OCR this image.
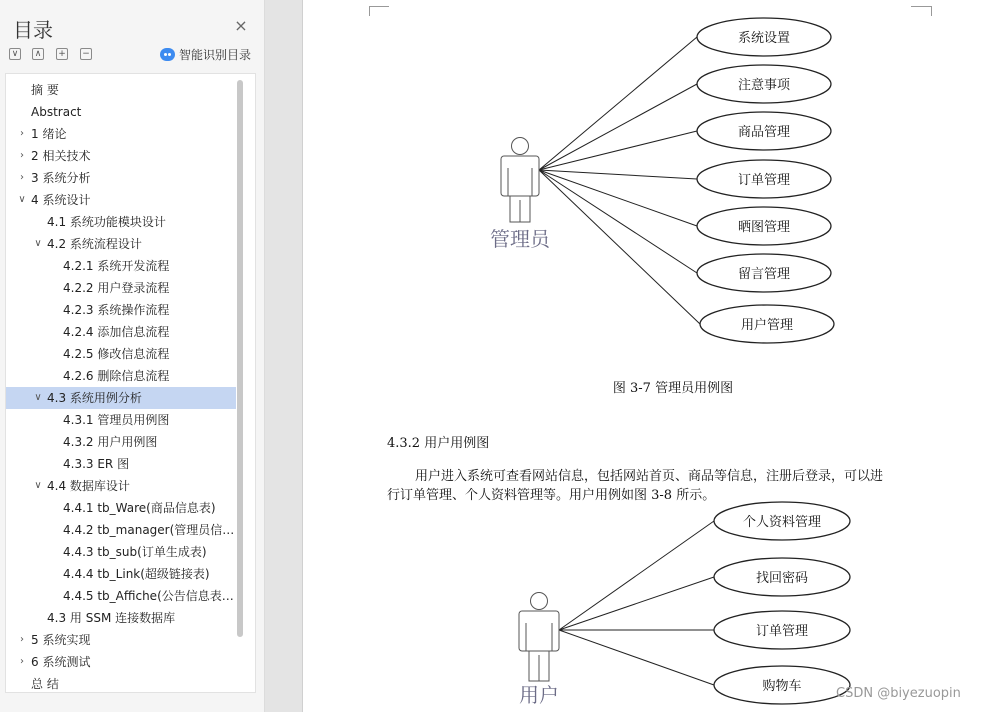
目录	×
∨	∧	+ −	智能识别目录
摘 要
Abstract
› 1 绪论
› 2 相关技术
› 3 系统分析
∨ 4 系统设计
4.1 系统功能模块设计
∨ 4.2 系统流程设计
4.2.1 系统开发流程
4.2.2 用户登录流程
4.2.3 系统操作流程
4.2.4 添加信息流程
4.2.5 修改信息流程
4.2.6 删除信息流程
∨ 4.3 系统用例分析
4.3.1 管理员用例图
4.3.2 用户用例图
4.3.3 ER 图
∨ 4.4 数据库设计
4.4.1 tb_Ware(商品信息表)
4.4.2 tb_manager(管理员信…
4.4.3 tb_sub(订单生成表)
4.4.4 tb_Link(超级链接表)
4.4.5 tb_Affiche(公告信息表…
4.3 用 SSM 连接数据库
› 5 系统实现
› 6 系统测试
总 结
管理员
系统设置
注意事项
商品管理
订单管理
晒图管理
留言管理
用户管理
图 3-7 管理员用例图
用户
个人资料管理
找回密码
订单管理
购物车
4.3.2 用户用例图
用户进入系统可查看网站信息，包括网站首页、商品等信息，注册后登录，可以进
行订单管理、个人资料管理等。用户用例如图 3-8 所示。
CSDN @biyezuopin
